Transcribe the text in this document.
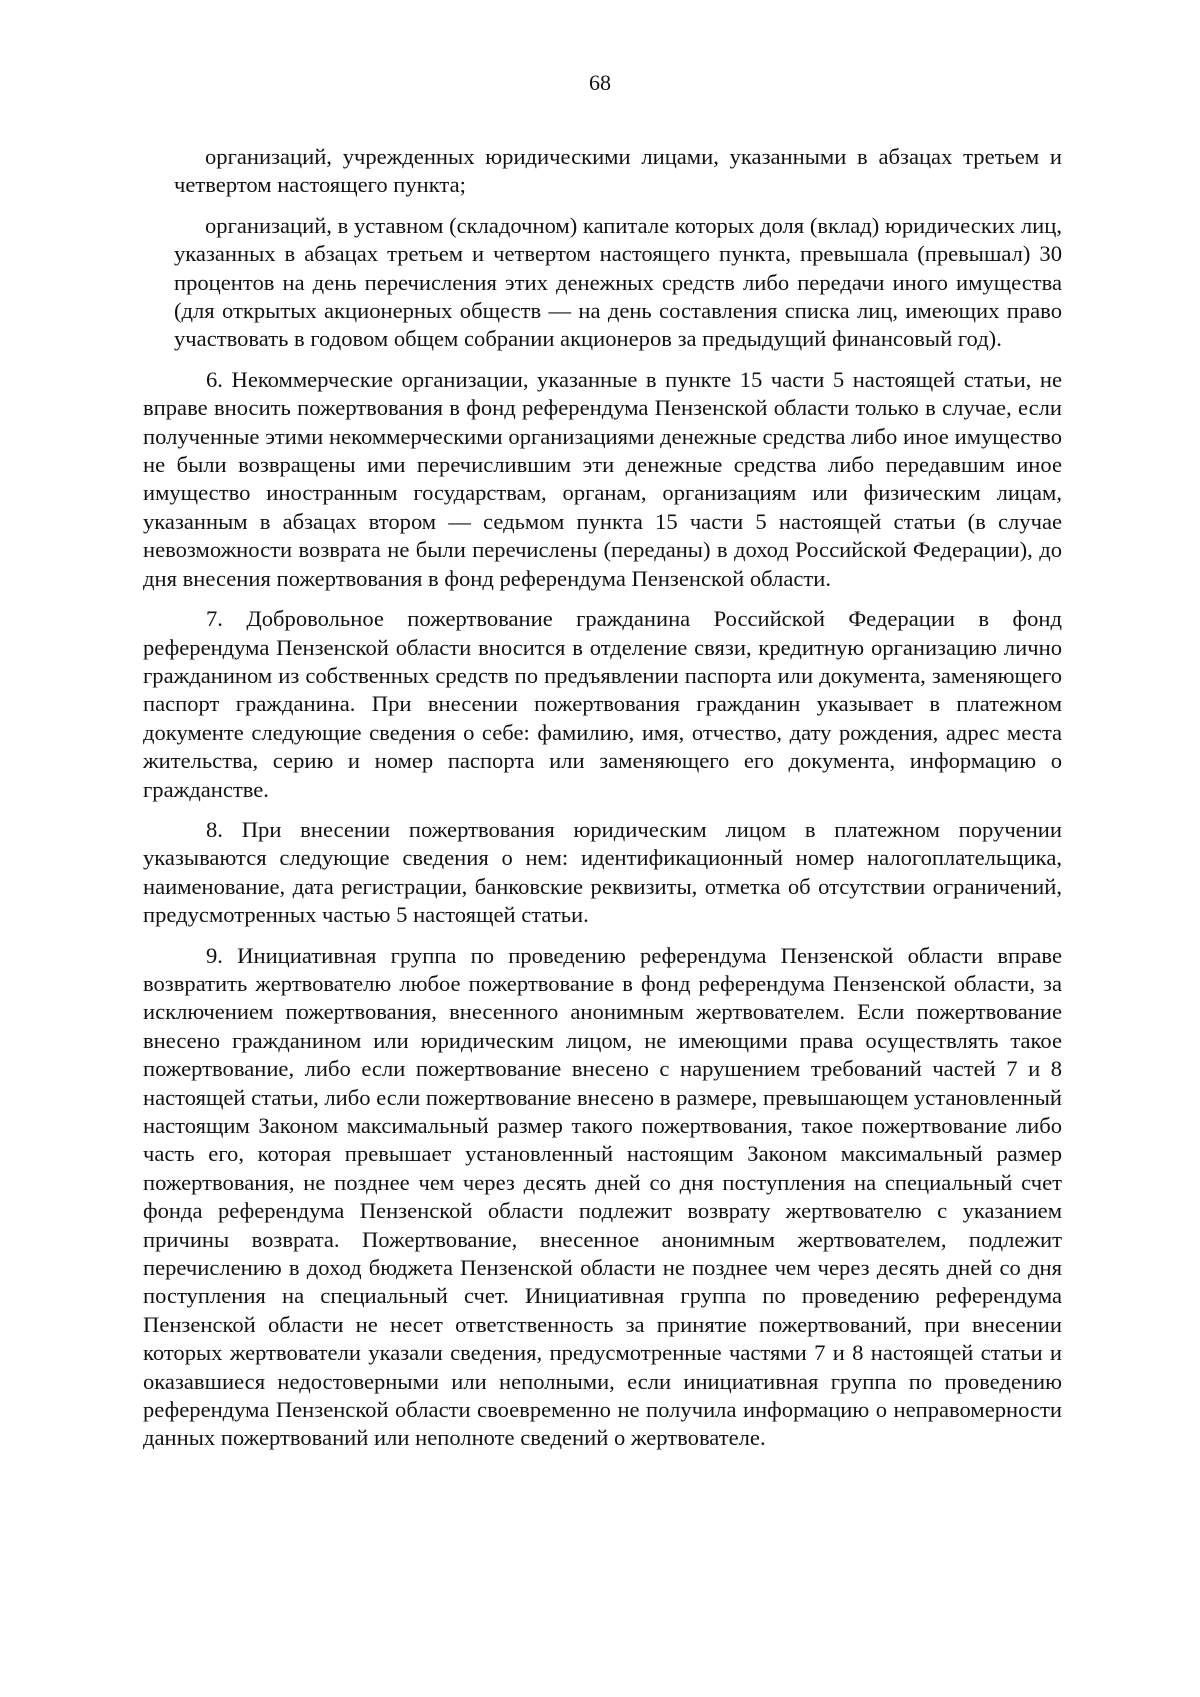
68

организаций, учрежденных юридическими лицами, указанными в абзацах третьем и четвертом настоящего пункта;

организаций, в уставном (складочном) капитале которых доля (вклад) юридических лиц, указанных в абзацах третьем и четвертом настоящего пункта, превышала (превышал) 30 процентов на день перечисления этих денежных средств либо передачи иного имущества (для открытых акционерных обществ — на день составления списка лиц, имеющих право участвовать в годовом общем собрании акционеров за предыдущий финансовый год).

6. Некоммерческие организации, указанные в пункте 15 части 5 настоящей статьи, не вправе вносить пожертвования в фонд референдума Пензенской области только в случае, если полученные этими некоммерческими организациями денежные средства либо иное имущество не были возвращены ими перечислившим эти денежные средства либо передавшим иное имущество иностранным государствам, органам, организациям или физическим лицам, указанным в абзацах втором — седьмом пункта 15 части 5 настоящей статьи (в случае невозможности возврата не были перечислены (переданы) в доход Российской Федерации), до дня внесения пожертвования в фонд референдума Пензенской области.

7. Добровольное пожертвование гражданина Российской Федерации в фонд референдума Пензенской области вносится в отделение связи, кредитную организацию лично гражданином из собственных средств по предъявлении паспорта или документа, заменяющего паспорт гражданина. При внесении пожертвования гражданин указывает в платежном документе следующие сведения о себе: фамилию, имя, отчество, дату рождения, адрес места жительства, серию и номер паспорта или заменяющего его документа, информацию о гражданстве.

8. При внесении пожертвования юридическим лицом в платежном поручении указываются следующие сведения о нем: идентификационный номер налогоплательщика, наименование, дата регистрации, банковские реквизиты, отметка об отсутствии ограничений, предусмотренных частью 5 настоящей статьи.

9. Инициативная группа по проведению референдума Пензенской области вправе возвратить жертвователю любое пожертвование в фонд референдума Пензенской области, за исключением пожертвования, внесенного анонимным жертвователем. Если пожертвование внесено гражданином или юридическим лицом, не имеющими права осуществлять такое пожертвование, либо если пожертвование внесено с нарушением требований частей 7 и 8 настоящей статьи, либо если пожертвование внесено в размере, превышающем установленный настоящим Законом максимальный размер такого пожертвования, такое пожертвование либо часть его, которая превышает установленный настоящим Законом максимальный размер пожертвования, не позднее чем через десять дней со дня поступления на специальный счет фонда референдума Пензенской области подлежит возврату жертвователю с указанием причины возврата. Пожертвование, внесенное анонимным жертвователем, подлежит перечислению в доход бюджета Пензенской области не позднее чем через десять дней со дня поступления на специальный счет. Инициативная группа по проведению референдума Пензенской области не несет ответственность за принятие пожертвований, при внесении которых жертвователи указали сведения, предусмотренные частями 7 и 8 настоящей статьи и оказавшиеся недостоверными или неполными, если инициативная группа по проведению референдума Пензенской области своевременно не получила информацию о неправомерности данных пожертвований или неполноте сведений о жертвователе.
